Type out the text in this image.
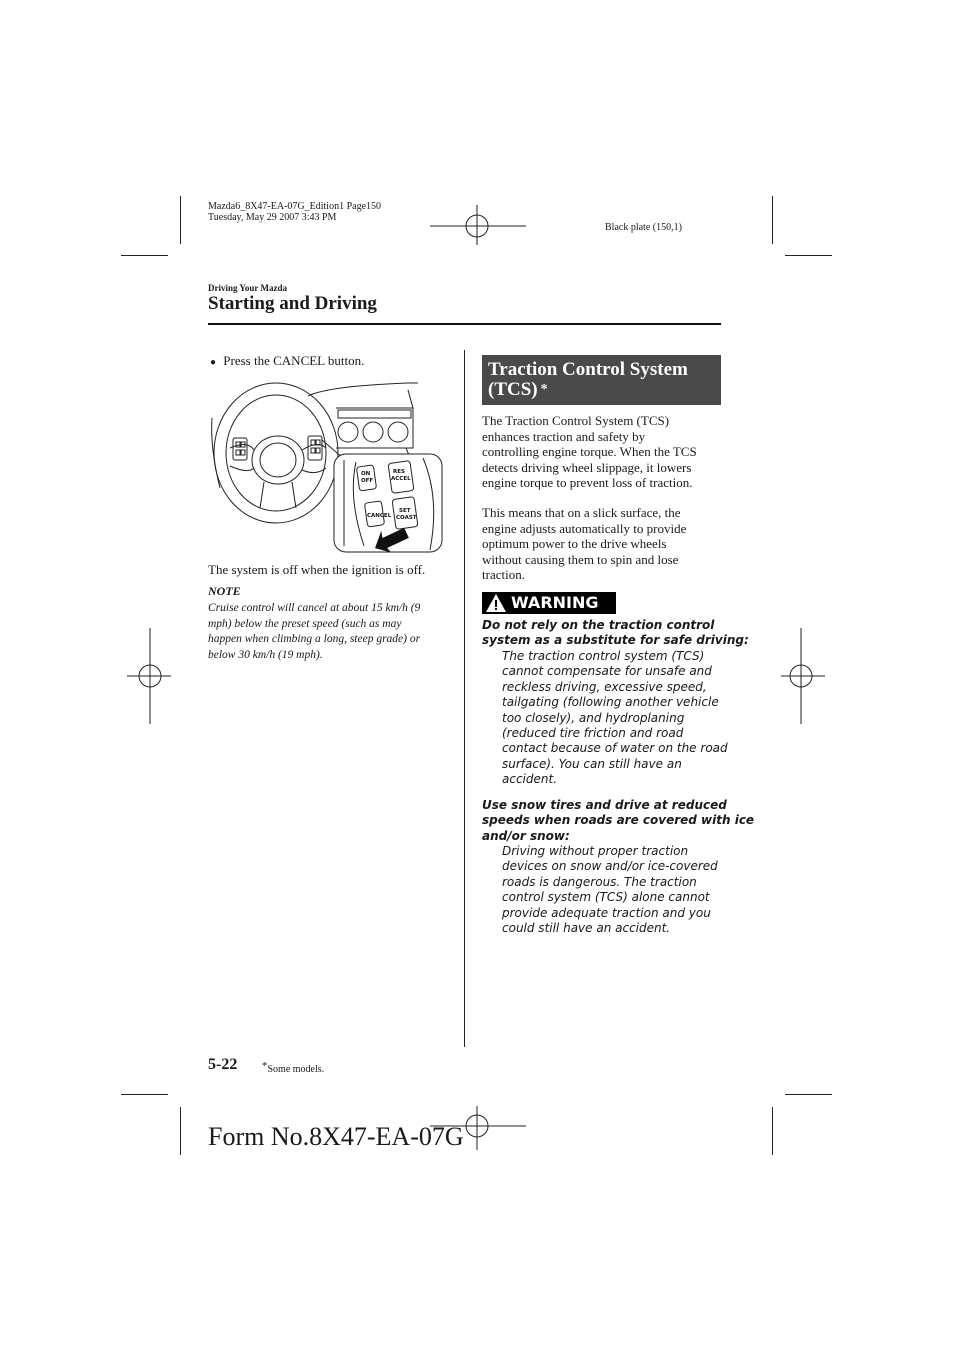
Mazda6_8X47-EA-07G_Edition1 Page150
Tuesday, May 29 2007 3:43 PM
Black plate (150,1)
Driving Your Mazda
Starting and Driving
● Press the CANCEL button.
ON
OFF
RES
ACCEL
CANCEL
SET
COAST
The system is off when the ignition is off.
NOTE
Cruise control will cancel at about 15 km/h (9
mph) below the preset speed (such as may
happen when climbing a long, steep grade) or
below 30 km/h (19 mph).
Traction Control System
(TCS) *
The Traction Control System (TCS)
enhances traction and safety by
controlling engine torque. When the TCS
detects driving wheel slippage, it lowers
engine torque to prevent loss of traction.
This means that on a slick surface, the
engine adjusts automatically to provide
optimum power to the drive wheels
without causing them to spin and lose
traction.
WARNING
Do not rely on the traction control
system as a substitute for safe driving:
The traction control system (TCS)
cannot compensate for unsafe and
reckless driving, excessive speed,
tailgating (following another vehicle
too closely), and hydroplaning
(reduced tire friction and road
contact because of water on the road
surface). You can still have an
accident.
Use snow tires and drive at reduced
speeds when roads are covered with ice
and/or snow:
Driving without proper traction
devices on snow and/or ice-covered
roads is dangerous. The traction
control system (TCS) alone cannot
provide adequate traction and you
could still have an accident.
5-22 *Some models.
Form No.8X47-EA-07G
